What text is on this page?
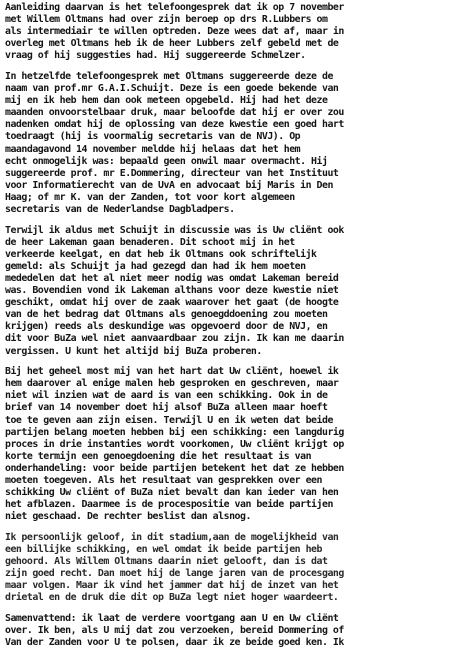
Aanleiding daarvan is het telefoongesprek dat ik op 7 november
met Willem Oltmans had over zijn beroep op drs R.Lubbers om
als intermediair te willen optreden. Deze wees dat af, maar in
overleg met Oltmans heb ik de heer Lubbers zelf gebeld met de
vraag of hij suggesties had. Hij suggereerde Schmelzer.
In hetzelfde telefoongesprek met Oltmans suggereerde deze de
naam van prof.mr G.A.I.Schuijt. Deze is een goede bekende van
mij en ik heb hem dan ook meteen opgebeld. Hij had het deze
maanden onvoorstelbaar druk, maar beloofde dat hij er over zou
nadenken omdat hij de oplossing van deze kwestie een goed hart
toedraagt (hij is voormalig secretaris van de NVJ). Op
maandagavond 14 november meldde hij helaas dat het hem
echt onmogelijk was: bepaald geen onwil maar overmacht. Hij
suggereerde prof. mr E.Dommering, directeur van het Instituut
voor Informatierecht van de UvA en advocaat bij Maris in Den
Haag; of mr K. van der Zanden, tot voor kort algemeen
secretaris van de Nederlandse Dagbladpers.
Terwijl ik aldus met Schuijt in discussie was is Uw cliënt ook
de heer Lakeman gaan benaderen. Dit schoot mij in het
verkeerde keelgat, en dat heb ik Oltmans ook schriftelijk
gemeld: als Schuijt ja had gezegd dan had ik hem moeten
mededelen dat het al niet meer nodig was omdat Lakeman bereid
was. Bovendien vond ik Lakeman althans voor deze kwestie niet
geschikt, omdat hij over de zaak waarover het gaat (de hoogte
van de het bedrag dat Oltmans als genoegddoening zou moeten
krijgen) reeds als deskundige was opgevoerd door de NVJ, en
dit voor BuZa wel niet aanvaardbaar zou zijn. Ik kan me daarin
vergissen. U kunt het altijd bij BuZa proberen.
Bij het geheel most mij van het hart dat Uw cliënt, hoewel ik
hem daarover al enige malen heb gesproken en geschreven, maar
niet wil inzien wat de aard is van een schikking. Ook in de
brief van 14 november doet hij alsof BuZa alleen maar hoeft
toe te geven aan zijn eisen. Terwijl U en ik weten dat beide
partijen belang moeten hebben bij een schikking: een langdurig
proces in drie instanties wordt voorkomen, Uw cliënt krijgt op
korte termijn een genoegdoening die het resultaat is van
onderhandeling: voor beide partijen betekent het dat ze hebben
moeten toegeven. Als het resultaat van gesprekken over een
schikking Uw cliënt of BuZa niet bevalt dan kan ieder van hen
het afblazen. Daarmee is de procespositie van beide partijen
niet geschaad. De rechter beslist dan alsnog.
Ik persoonlijk geloof, in dit stadium,aan de mogelijkheid van
een billijke schikking, en wel omdat ik beide partijen heb
gehoord. Als Willem Oltmans daarin niet gelooft, dan is dat
zijn goed recht. Dan moet hij de lange jaren van de procesgang
maar volgen. Maar ik vind het jammer dat hij de inzet van het
drietal en de druk die dit op BuZa legt niet hoger waardeert.
Samenvattend: ik laat de verdere voortgang aan U en Uw cliënt
over. Ik ben, als U mij dat zou verzoeken, bereid Dommering of
Van der Zanden voor U te polsen, daar ik ze beide goed ken. Ik
